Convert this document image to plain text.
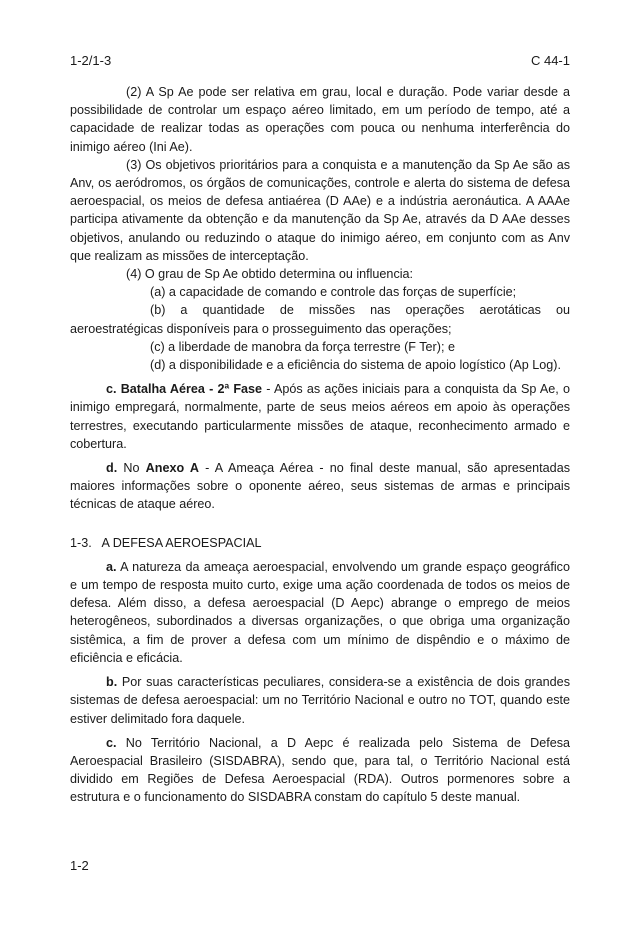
1-2/1-3	C 44-1

(2) A Sp Ae pode ser relativa em grau, local e duração. Pode variar desde a possibilidade de controlar um espaço aéreo limitado, em um período de tempo, até a capacidade de realizar todas as operações com pouca ou nenhuma interferência do inimigo aéreo (Ini Ae).

(3) Os objetivos prioritários para a conquista e a manutenção da Sp Ae são as Anv, os aeródromos, os órgãos de comunicações, controle e alerta do sistema de defesa aeroespacial, os meios de defesa antiaérea (D AAe) e a indústria aeronáutica. A AAAe participa ativamente da obtenção e da manutenção da Sp Ae, através da D AAe desses objetivos, anulando ou reduzindo o ataque do inimigo aéreo, em conjunto com as Anv que realizam as missões de interceptação.

(4) O grau de Sp Ae obtido determina ou influencia:

(a) a capacidade de comando e controle das forças de superfície;

(b) a quantidade de missões nas operações aerotáticas ou aeroestratégicas disponíveis para o prosseguimento das operações;

(c) a liberdade de manobra da força terrestre (F Ter); e

(d) a disponibilidade e a eficiência do sistema de apoio logístico (Ap Log).

c. Batalha Aérea - 2ª Fase - Após as ações iniciais para a conquista da Sp Ae, o inimigo empregará, normalmente, parte de seus meios aéreos em apoio às operações terrestres, executando particularmente missões de ataque, reconhecimento armado e cobertura.

d. No Anexo A - A Ameaça Aérea - no final deste manual, são apresentadas maiores informações sobre o oponente aéreo, seus sistemas de armas e principais técnicas de ataque aéreo.

1-3.   A DEFESA AEROESPACIAL

a. A natureza da ameaça aeroespacial, envolvendo um grande espaço geográfico e um tempo de resposta muito curto, exige uma ação coordenada de todos os meios de defesa. Além disso, a defesa aeroespacial (D Aepc) abrange o emprego de meios heterogêneos, subordinados a diversas organizações, o que obriga uma organização sistêmica, a fim de prover a defesa com um mínimo de dispêndio e o máximo de eficiência e eficácia.

b. Por suas características peculiares, considera-se a existência de dois grandes sistemas de defesa aeroespacial: um no Território Nacional e outro no TOT, quando este estiver delimitado fora daquele.

c. No Território Nacional, a D Aepc é realizada pelo Sistema de Defesa Aeroespacial Brasileiro (SISDABRA), sendo que, para tal, o Território Nacional está dividido em Regiões de Defesa Aeroespacial (RDA). Outros pormenores sobre a estrutura e o funcionamento do SISDABRA constam do capítulo 5 deste manual.

1-2
